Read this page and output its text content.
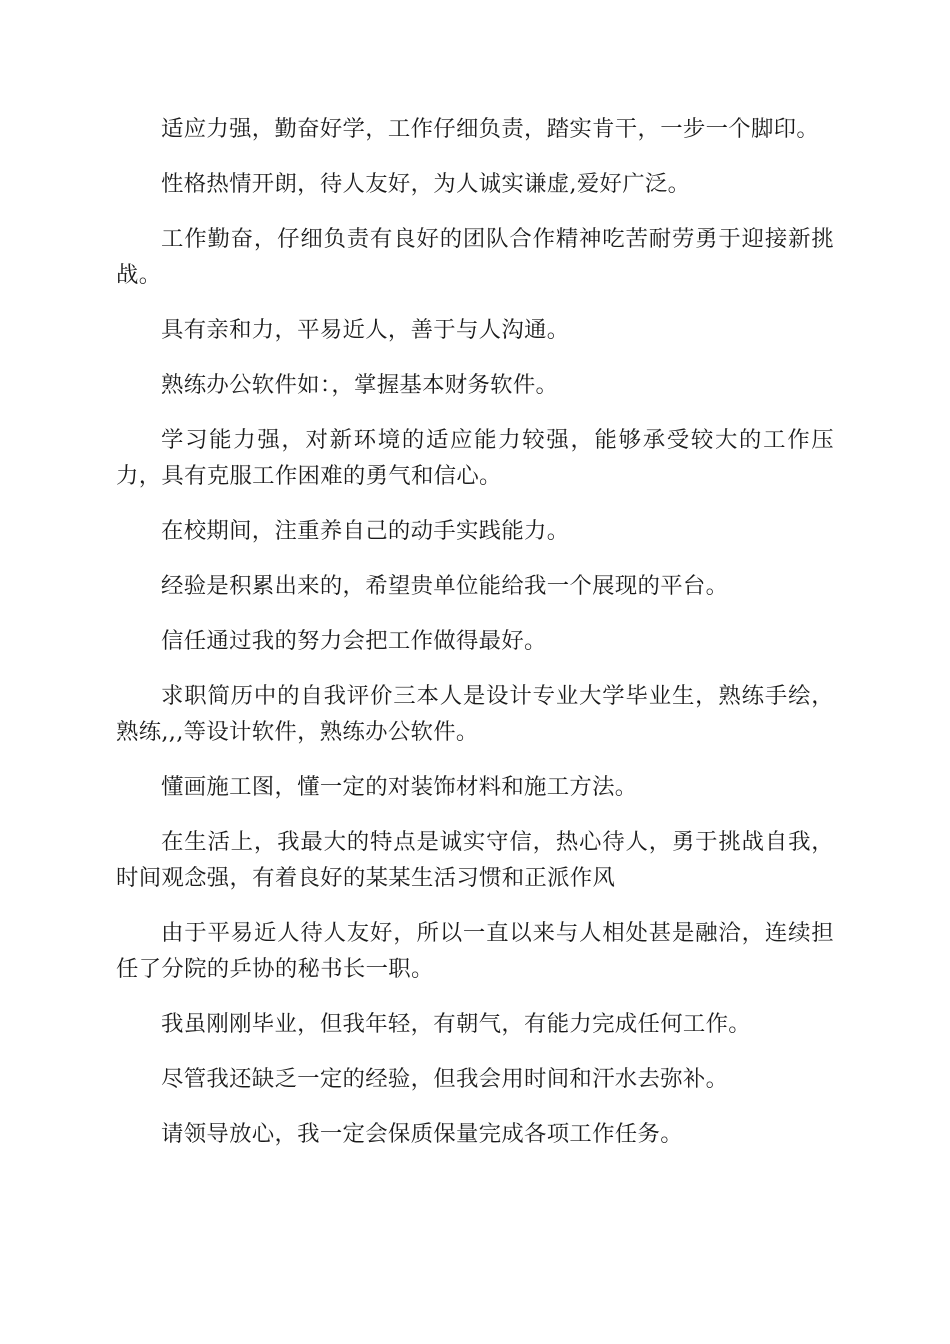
适应力强，勤奋好学，工作仔细负责，踏实肯干，一步一个脚印。

性格热情开朗，待人友好，为人诚实谦虚,爱好广泛。

工作勤奋，仔细负责有良好的团队合作精神吃苦耐劳勇于迎接新挑战。

具有亲和力，平易近人，善于与人沟通。

熟练办公软件如：，掌握基本财务软件。

学习能力强，对新环境的适应能力较强，能够承受较大的工作压力，具有克服工作困难的勇气和信心。

在校期间，注重养自己的动手实践能力。

经验是积累出来的，希望贵单位能给我一个展现的平台。

信任通过我的努力会把工作做得最好。

求职简历中的自我评价三本人是设计专业大学毕业生，熟练手绘，熟练,,,等设计软件，熟练办公软件。

懂画施工图，懂一定的对装饰材料和施工方法。

在生活上，我最大的特点是诚实守信，热心待人，勇于挑战自我，时间观念强，有着良好的某某生活习惯和正派作风

由于平易近人待人友好，所以一直以来与人相处甚是融洽，连续担任了分院的乒协的秘书长一职。

我虽刚刚毕业，但我年轻，有朝气，有能力完成任何工作。

尽管我还缺乏一定的经验，但我会用时间和汗水去弥补。

请领导放心，我一定会保质保量完成各项工作任务。
